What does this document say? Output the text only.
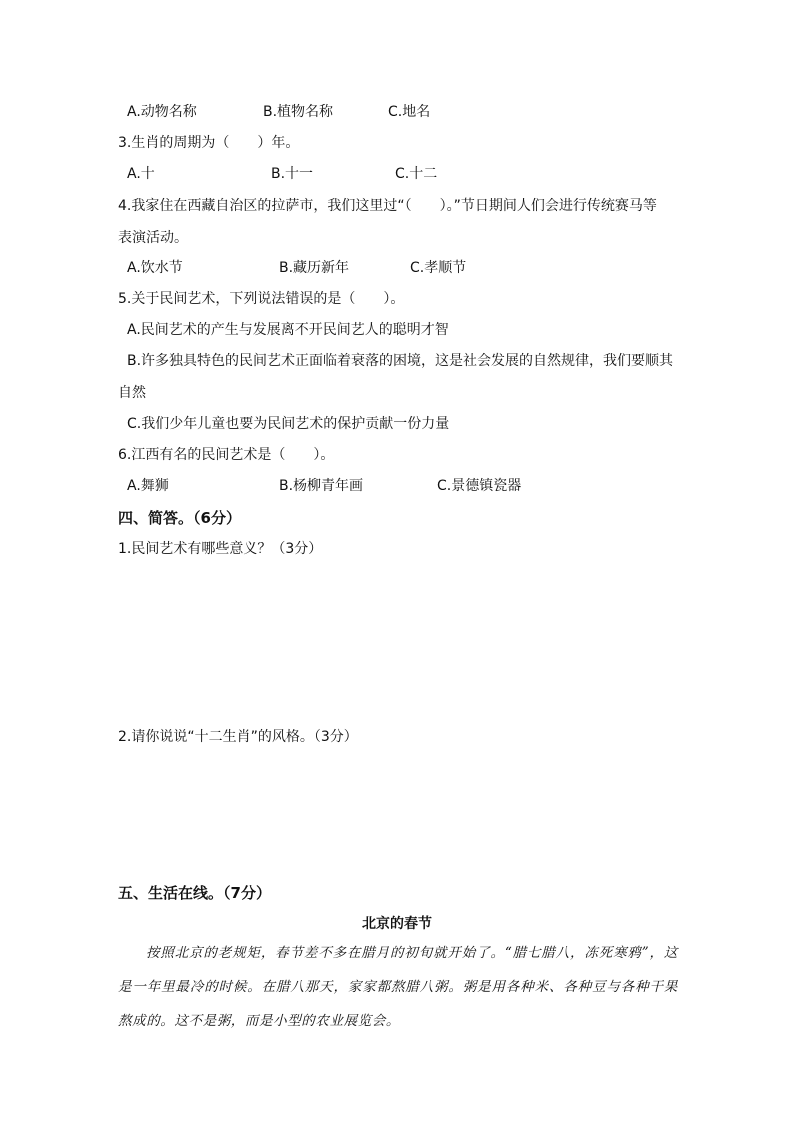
A.动物名称	B.植物名称	C.地名
3.生肖的周期为（　　）年。
A.十	B.十一	C.十二
4.我家住在西藏自治区的拉萨市，我们这里过“（　　）。”节日期间人们会进行传统赛马等
表演活动。
A.饮水节	B.藏历新年	C.孝顺节
5.关于民间艺术，下列说法错误的是（　　）。
A.民间艺术的产生与发展离不开民间艺人的聪明才智
B.许多独具特色的民间艺术正面临着衰落的困境，这是社会发展的自然规律，我们要顺其
自然
C.我们少年儿童也要为民间艺术的保护贡献一份力量
6.江西有名的民间艺术是（　　）。
A.舞狮	B.杨柳青年画	C.景德镇瓷器
四、简答。（6分）
1.民间艺术有哪些意义？（3分）
2.请你说说“十二生肖”的风格。（3分）
五、生活在线。（7分）
北京的春节
按照北京的老规矩，春节差不多在腊月的初旬就开始了。“腊七腊八，冻死寒鸦”，这是一年里最冷的时候。在腊八那天，家家都熬腊八粥。粥是用各种米、各种豆与各种干果熬成的。这不是粥，而是小型的农业展览会。
